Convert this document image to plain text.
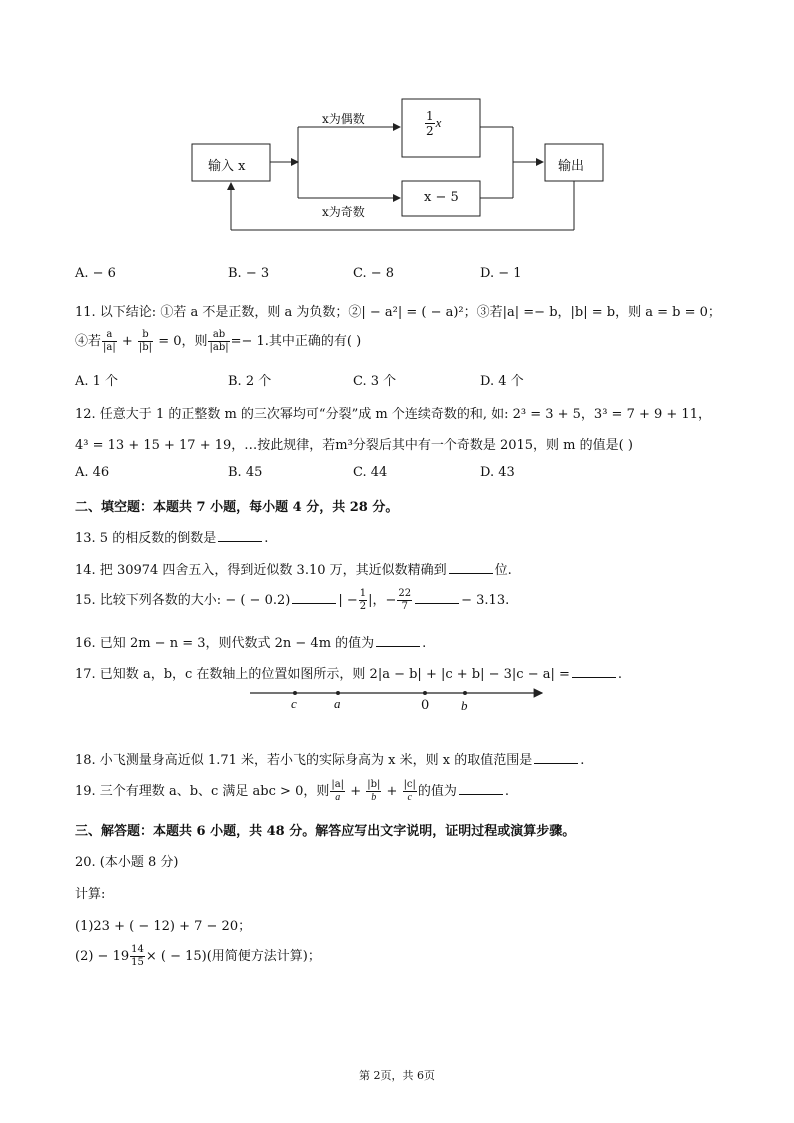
输入 x
x为偶数
x为奇数
$\frac{1}{2}$ x
x − 5
输出
A. − 6	B. − 3	C. − 8	D. − 1
11. 以下结论: ①若 a 不是正数，则 a 为负数；②| − a²| = ( − a)²；③若|a| =− b，|b| = b，则 a = b = 0；
④若 $\frac{a}{|a|} + \frac{b}{|b|} = 0$，则 $\frac{ab}{|ab|} =- 1$.其中正确的有( )
A. 1 个	B. 2 个	C. 3 个	D. 4 个
12. 任意大于 1 的正整数 m 的三次幂均可“分裂”成 m 个连续奇数的和, 如: 2³ = 3 + 5，3³ = 7 + 9 + 11，
4³ = 13 + 15 + 17 + 19，…按此规律，若m³分裂后其中有一个奇数是 2015，则 m 的值是( )
A. 46	B. 45	C. 44	D. 43
二、填空题：本题共 7 小题，每小题 4 分，共 28 分。
13. 5 的相反数的倒数是	.
14. 把 30974 四舍五入，得到近似数 3.10 万，其近似数精确到	位.
15. 比较下列各数的大小: − ( − 0.2)	| − $\frac{1}{2}$ |，− $\frac{22}{7}$	− 3.13.
16. 已知 2m − n = 3，则代数式 2n − 4m 的值为	.
17. 已知数 a，b，c 在数轴上的位置如图所示，则 2|a − b| + |c + b| − 3|c − a| =	.
c	a	0 b
18. 小飞测量身高近似 1.71 米，若小飞的实际身高为 x 米，则 x 的取值范围是	.
19. 三个有理数 a、b、c 满足 abc > 0，则 $\frac{|a|}{a} + \frac{|b|}{b} + \frac{|c|}{c}$ 的值为	.
三、解答题：本题共 6 小题，共 48 分。解答应写出文字说明，证明过程或演算步骤。
20. (本小题 8 分)
计算:
(1)23 + ( − 12) + 7 − 20；
$(2) - 19 \frac{14}{15}$ × ( − 15)(用简便方法计算)；
第 2页，共 6页
